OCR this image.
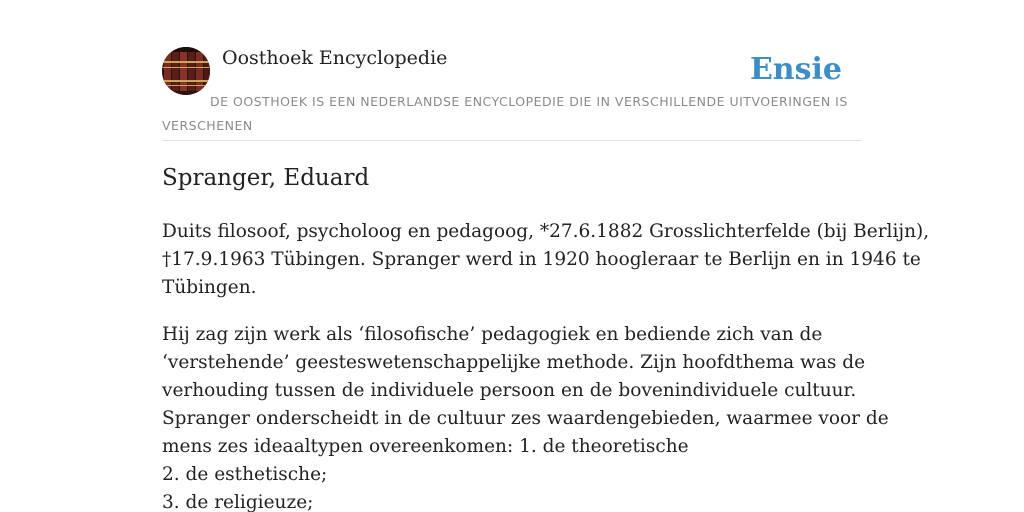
Oosthoek Encyclopedie	Ensie

DE OOSTHOEK IS EEN NEDERLANDSE ENCYCLOPEDIE DIE IN VERSCHILLENDE UITVOERINGEN IS VERSCHENEN

Spranger, Eduard

Duits filosoof, psycholoog en pedagoog, *27.6.1882 Grosslichterfelde (bij Berlijn),
†17.9.1963 Tübingen. Spranger werd in 1920 hoogleraar te Berlijn en in 1946 te
Tübingen.

Hij zag zijn werk als ‘filosofische’ pedagogiek en bediende zich van de
‘verstehende’ geesteswetenschappelijke methode. Zijn hoofdthema was de
verhouding tussen de individuele persoon en de bovenindividuele cultuur.
Spranger onderscheidt in de cultuur zes waardengebieden, waarmee voor de
mens zes ideaaltypen overeenkomen: 1. de theoretische
2. de esthetische;
3. de religieuze;
